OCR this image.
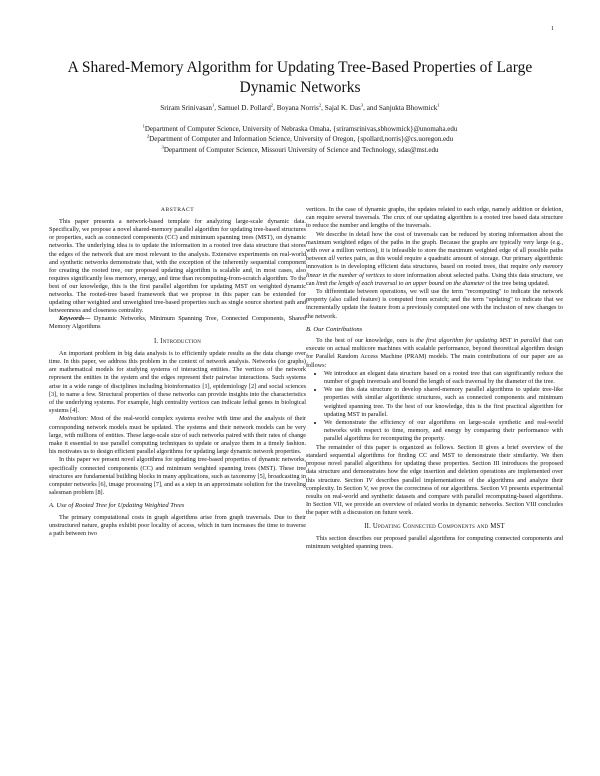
1
A Shared-Memory Algorithm for Updating Tree-Based Properties of Large Dynamic Networks
Sriram Srinivasan$^1$, Samuel D. Pollard$^2$, Boyana Norris$^2$, Sajal K. Das$^3$, and Sanjukta Bhowmick$^1$
$^1$Department of Computer Science, University of Nebraska Omaha, {sriramsrinivas,sbhowmick}@unomaha.edu
$^2$Department of Computer and Information Science, University of Oregon, {spollard,norris}@cs.uoregon.edu
$^3$Department of Computer Science, Missouri University of Science and Technology, sdas@mst.edu
ABSTRACT

This paper presents a network-based template for analyzing large-scale dynamic data. Specifically, we propose a novel shared-memory parallel algorithm for updating tree-based structures or properties, such as connected components (CC) and minimum spanning trees (MST), on dynamic networks. The underlying idea is to update the information in a rooted tree data structure that stores the edges of the network that are most relevant to the analysis. Extensive experiments on real-world and synthetic networks demonstrate that, with the exception of the inherently sequential component for creating the rooted tree, our proposed updating algorithm is scalable and, in most cases, also requires significantly less memory, energy, and time than recomputing-from-scratch algorithm. To the best of our knowledge, this is the first parallel algorithm for updating MST on weighted dynamic networks. The rooted-tree based framework that we propose in this paper can be extended for updating other weighted and unweighted tree-based properties such as single source shortest path and betweenness and closeness centrality.

Keywords— Dynamic Networks, Minimum Spanning Tree, Connected Components, Shared Memory Algorithms

I. Introduction

An important problem in big data analysis is to efficiently update results as the data change over time. In this paper, we address this problem in the context of network analysis. Networks (or graphs) are mathematical models for studying systems of interacting entities. The vertices of the network represent the entities in the system and the edges represent their pairwise interactions. Such systems arise in a wide range of disciplines including bioinformatics [1], epidemiology [2] and social sciences [3], to name a few. Structural properties of these networks can provide insights into the characteristics of the underlying systems. For example, high centrality vertices can indicate lethal genes in biological systems [4].

Motivation: Most of the real-world complex systems evolve with time and the analysis of their corresponding network models must be updated. The systems and their network models can be very large, with millions of entities. These large-scale size of such networks paired with their rates of change make it essential to use parallel computing techniques to update or analyze them in a timely fashion. his motivates us to design efficient parallel algorithms for updating large dynamic network properties.

In this paper we present novel algorithms for updating tree-based properties of dynamic networks, specifically connected components (CC) and minimum weighted spanning trees (MST). These tree structures are fundamental building blocks in many applications, such as taxonomy [5], broadcasting in computer networks [6], image processing [7], and as a step in an approximate solution for the traveling salesman problem [8].

A. Use of Rooted Tree for Updating Weighted Trees

The primary computational costs in graph algorithms arise from graph traversals. Due to their unstructured nature, graphs exhibit poor locality of access, which in turn increases the time to traverse a path between two

vertices. In the case of dynamic graphs, the updates related to each edge, namely addition or deletion, can require several traversals. The crux of our updating algorithm is a rooted tree based data structure to reduce the number and lengths of the traversals.

We describe in detail how the cost of traversals can be reduced by storing information about the maximum weighted edges of the paths in the graph. Because the graphs are typically very large (e.g., with over a million vertices), it is infeasible to store the maximum weighted edge of all possible paths between all vertex pairs, as this would require a quadratic amount of storage. Our primary algorithmic innovation is in developing efficient data structures, based on rooted trees, that require only memory linear in the number of vertices to store information about selected paths. Using this data structure, we can limit the length of each traversal to an upper bound on the diameter of the tree being updated.

To differentiate between operations, we will use the term "recomputing" to indicate the network property (also called feature) is computed from scratch; and the term "updating" to indicate that we incrementally update the feature from a previously computed one with the inclusion of new changes to the network.

B. Our Contributions

To the best of our knowledge, ours is the first algorithm for updating MST in parallel that can execute on actual multicore machines with scalable performance, beyond theoretical algorithm design for Parallel Random Access Machine (PRAM) models. The main contributions of our paper are as follows:

• We introduce an elegant data structure based on a rooted tree that can significantly reduce the number of graph traversals and bound the length of each traversal by the diameter of the tree.
• We use this data structure to develop shared-memory parallel algorithms to update tree-like properties with similar algorithmic structures, such as connected components and minimum weighted spanning tree. To the best of our knowledge, this is the first practical algorithm for updating MST in parallel.
• We demonstrate the efficiency of our algorithms on large-scale synthetic and real-world networks with respect to time, memory, and energy by comparing their performance with parallel algorithms for recomputing the property.

The remainder of this paper is organized as follows. Section II gives a brief overview of the standard sequential algorithms for finding CC and MST to demonstrate their similarity. We then propose novel parallel algorithms for updating these properties. Section III introduces the proposed data structure and demonstrates how the edge insertion and deletion operations are implemented over this structure. Section IV describes parallel implementations of the algorithms and analyze their complexity. In Section V, we prove the correctness of our algorithms. Section VI presents experimental results on real-world and synthetic datasets and compare with parallel recomputing-based algorithms. In Section VII, we provide an overview of related works in dynamic networks. Section VIII concludes the paper with a discussion on future work.

II. Updating Connected Components and MST

This section describes our proposed parallel algorithms for computing connected components and minimum weighted spanning trees.
